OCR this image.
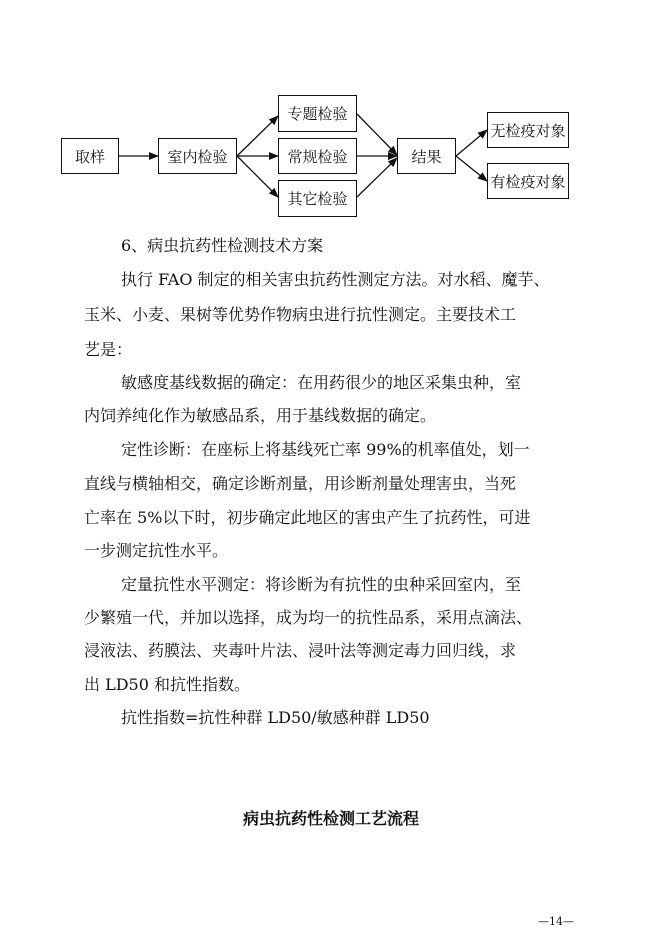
取样	室内检验
专题检验
常规检验
其它检验
结果
无检疫对象
有检疫对象
6、病虫抗药性检测技术方案
执行 FAO 制定的相关害虫抗药性测定方法。对水稻、魔芋、
玉米、小麦、果树等优势作物病虫进行抗性测定。主要技术工
艺是：
敏感度基线数据的确定：在用药很少的地区采集虫种，室
内饲养纯化作为敏感品系，用于基线数据的确定。
定性诊断：在座标上将基线死亡率 99%的机率值处，划一
直线与横轴相交，确定诊断剂量，用诊断剂量处理害虫，当死
亡率在 5%以下时，初步确定此地区的害虫产生了抗药性，可进
一步测定抗性水平。
定量抗性水平测定：将诊断为有抗性的虫种采回室内，至
少繁殖一代，并加以选择，成为均一的抗性品系，采用点滴法、
浸液法、药膜法、夹毒叶片法、浸叶法等测定毒力回归线，求
出 LD50 和抗性指数。
抗性指数=抗性种群 LD50/敏感种群 LD50
病虫抗药性检测工艺流程
—14—
